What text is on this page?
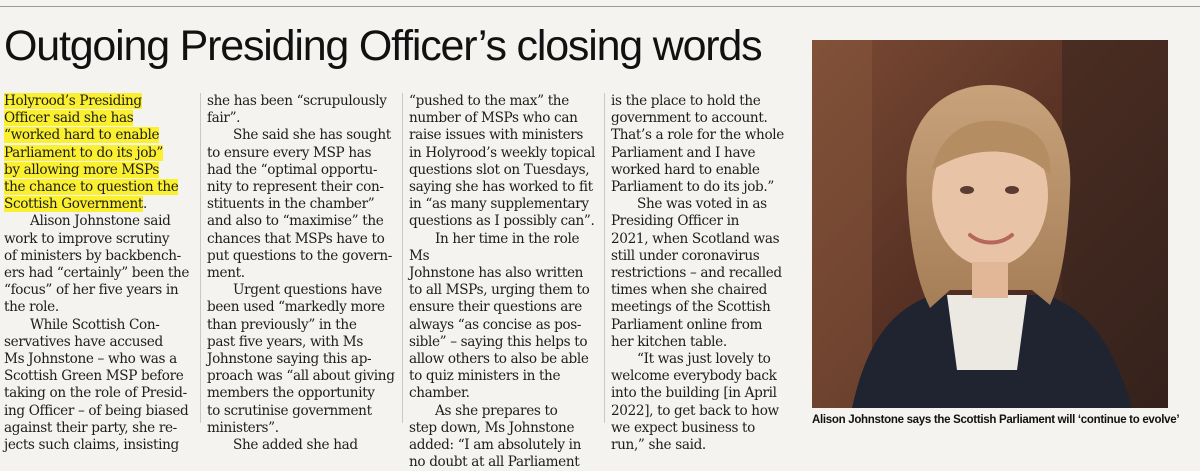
Outgoing Presiding Officer’s closing words

Holyrood’s Presiding
Officer said she has
“worked hard to enable
Parliament to do its job”
by allowing more MSPs
the chance to question the
Scottish Government.

Alison Johnstone said
work to improve scrutiny
of ministers by backbench-
ers had “certainly” been the
“focus” of her five years in
the role.

While Scottish Con-
servatives have accused
Ms Johnstone – who was a
Scottish Green MSP before
taking on the role of Presid-
ing Officer – of being biased
against their party, she re-
jects such claims, insisting

she has been “scrupulously
fair”.

She said she has sought
to ensure every MSP has
had the “optimal opportu-
nity to represent their con-
stituents in the chamber”
and also to “maximise” the
chances that MSPs have to
put questions to the govern-
ment.

Urgent questions have
been used “markedly more
than previously” in the
past five years, with Ms
Johnstone saying this ap-
proach was “all about giving
members the opportunity
to scrutinise government
ministers”.

She added she had

“pushed to the max” the
number of MSPs who can
raise issues with ministers
in Holyrood’s weekly topical
questions slot on Tuesdays,
saying she has worked to fit
in “as many supplementary
questions as I possibly can”.

In her time in the role Ms
Johnstone has also written
to all MSPs, urging them to
ensure their questions are
always “as concise as pos-
sible” – saying this helps to
allow others to also be able
to quiz ministers in the
chamber.

As she prepares to
step down, Ms Johnstone
added: “I am absolutely in
no doubt at all Parliament

is the place to hold the
government to account.
That’s a role for the whole
Parliament and I have
worked hard to enable
Parliament to do its job.”

She was voted in as
Presiding Officer in
2021, when Scotland was
still under coronavirus
restrictions – and recalled
times when she chaired
meetings of the Scottish
Parliament online from
her kitchen table.

“It was just lovely to
welcome everybody back
into the building [in April
2022], to get back to how
we expect business to
run,” she said.

Alison Johnstone says the Scottish Parliament will ‘continue to evolve’
